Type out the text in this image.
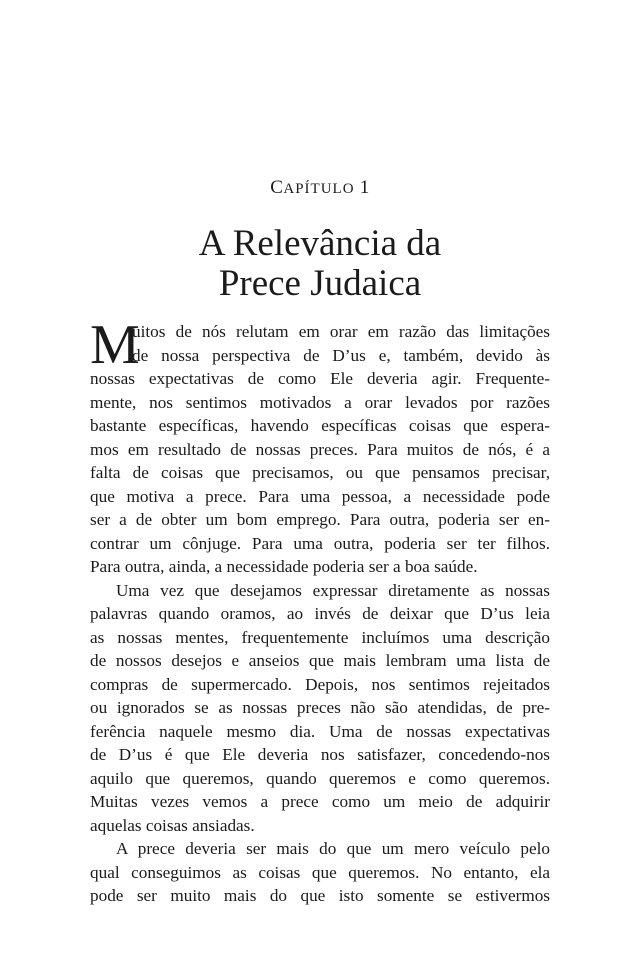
CAPÍTULO 1
A Relevância da
Prece Judaica
M
uitos de nós relutam em orar em razão das limitações
de nossa perspectiva de D’us e, também, devido às
nossas expectativas de como Ele deveria agir. Frequente-
mente, nos sentimos motivados a orar levados por razões
bastante específicas, havendo específicas coisas que espera-
mos em resultado de nossas preces. Para muitos de nós, é a
falta de coisas que precisamos, ou que pensamos precisar,
que motiva a prece. Para uma pessoa, a necessidade pode
ser a de obter um bom emprego. Para outra, poderia ser en-
contrar um cônjuge. Para uma outra, poderia ser ter filhos.
Para outra, ainda, a necessidade poderia ser a boa saúde.
Uma vez que desejamos expressar diretamente as nossas
palavras quando oramos, ao invés de deixar que D’us leia
as nossas mentes, frequentemente incluímos uma descrição
de nossos desejos e anseios que mais lembram uma lista de
compras de supermercado. Depois, nos sentimos rejeitados
ou ignorados se as nossas preces não são atendidas, de pre-
ferência naquele mesmo dia. Uma de nossas expectativas
de D’us é que Ele deveria nos satisfazer, concedendo-nos
aquilo que queremos, quando queremos e como queremos.
Muitas vezes vemos a prece como um meio de adquirir
aquelas coisas ansiadas.
A prece deveria ser mais do que um mero veículo pelo
qual conseguimos as coisas que queremos. No entanto, ela
pode ser muito mais do que isto somente se estivermos
